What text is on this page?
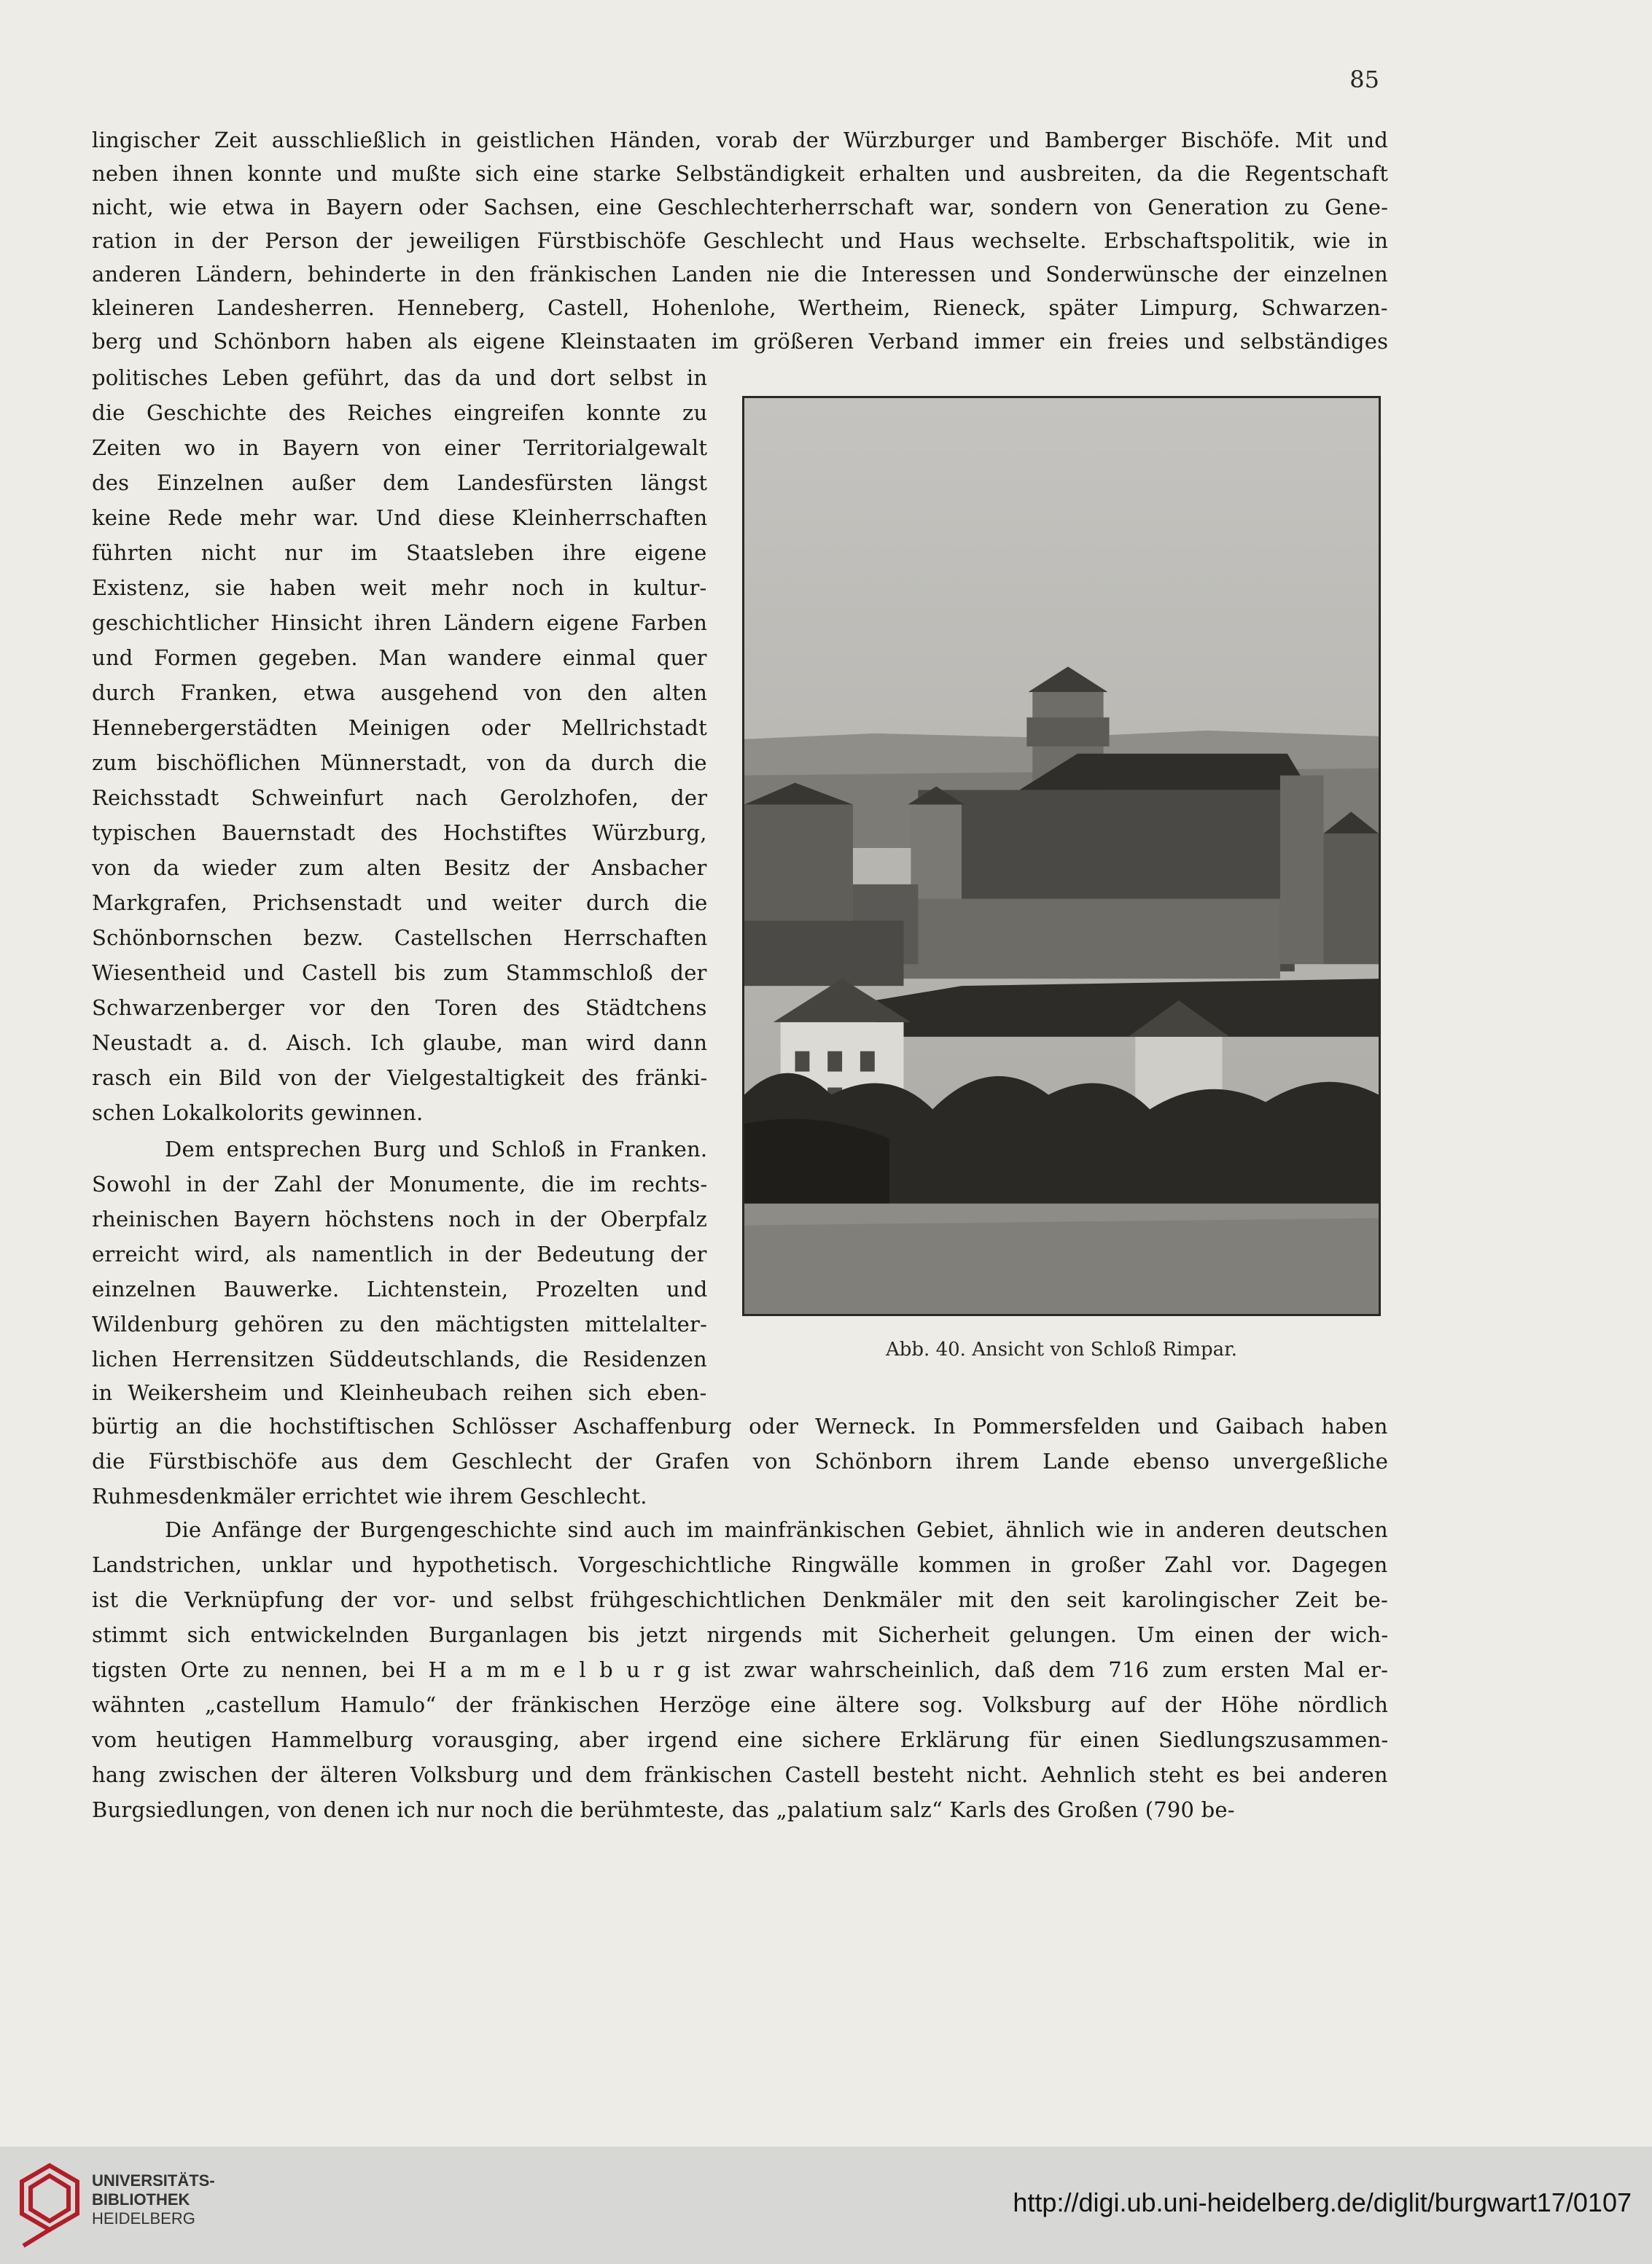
85
lingischer Zeit ausschließlich in geistlichen Händen, vorab der Würzburger und Bamberger Bischöfe. Mit und
neben ihnen konnte und mußte sich eine starke Selbständigkeit erhalten und ausbreiten, da die Regentschaft
nicht, wie etwa in Bayern oder Sachsen, eine Geschlechterherrschaft war, sondern von Generation zu Gene-
ration in der Person der jeweiligen Fürstbischöfe Geschlecht und Haus wechselte. Erbschaftspolitik, wie in
anderen Ländern, behinderte in den fränkischen Landen nie die Interessen und Sonderwünsche der einzelnen
kleineren Landesherren. Henneberg, Castell, Hohenlohe, Wertheim, Rieneck, später Limpurg, Schwarzen-
berg und Schönborn haben als eigene Kleinstaaten im größeren Verband immer ein freies und selbständiges
politisches Leben geführt, das da und dort selbst in
die Geschichte des Reiches eingreifen konnte zu
Zeiten wo in Bayern von einer Territorialgewalt
des Einzelnen außer dem Landesfürsten längst
keine Rede mehr war. Und diese Kleinherrschaften
führten nicht nur im Staatsleben ihre eigene
Existenz, sie haben weit mehr noch in kultur-
geschichtlicher Hinsicht ihren Ländern eigene Farben
und Formen gegeben. Man wandere einmal quer
durch Franken, etwa ausgehend von den alten
Hennebergerstädten Meinigen oder Mellrichstadt
zum bischöflichen Münnerstadt, von da durch die
Reichsstadt Schweinfurt nach Gerolzhofen, der
typischen Bauernstadt des Hochstiftes Würzburg,
von da wieder zum alten Besitz der Ansbacher
Markgrafen, Prichsenstadt und weiter durch die
Schönbornschen bezw. Castellschen Herrschaften
Wiesentheid und Castell bis zum Stammschloß der
Schwarzenberger vor den Toren des Städtchens
Neustadt a. d. Aisch. Ich glaube, man wird dann
rasch ein Bild von der Vielgestaltigkeit des fränki-
schen Lokalkolorits gewinnen.
Dem entsprechen Burg und Schloß in Franken.
Sowohl in der Zahl der Monumente, die im rechts-
rheinischen Bayern höchstens noch in der Oberpfalz
erreicht wird, als namentlich in der Bedeutung der
einzelnen Bauwerke. Lichtenstein, Prozelten und
Wildenburg gehören zu den mächtigsten mittelalter-
lichen Herrensitzen Süddeutschlands, die Residenzen
in Weikersheim und Kleinheubach reihen sich eben-
bürtig an die hochstiftischen Schlösser Aschaffenburg oder Werneck. In Pommersfelden und Gaibach haben
die Fürstbischöfe aus dem Geschlecht der Grafen von Schönborn ihrem Lande ebenso unvergeßliche
Ruhmesdenkmäler errichtet wie ihrem Geschlecht.
Die Anfänge der Burgengeschichte sind auch im mainfränkischen Gebiet, ähnlich wie in anderen deutschen
Landstrichen, unklar und hypothetisch. Vorgeschichtliche Ringwälle kommen in großer Zahl vor. Dagegen
ist die Verknüpfung der vor- und selbst frühgeschichtlichen Denkmäler mit den seit karolingischer Zeit be-
stimmt sich entwickelnden Burganlagen bis jetzt nirgends mit Sicherheit gelungen. Um einen der wich-
tigsten Orte zu nennen, bei H a m m e l b u r g ist zwar wahrscheinlich, daß dem 716 zum ersten Mal er-
wähnten „castellum Hamulo“ der fränkischen Herzöge eine ältere sog. Volksburg auf der Höhe nördlich
vom heutigen Hammelburg vorausging, aber irgend eine sichere Erklärung für einen Siedlungszusammen-
hang zwischen der älteren Volksburg und dem fränkischen Castell besteht nicht. Aehnlich steht es bei anderen
Burgsiedlungen, von denen ich nur noch die berühmteste, das „palatium salz“ Karls des Großen (790 be-
Abb. 40. Ansicht von Schloß Rimpar.
UNIVERSITÄTS-
BIBLIOTHEK
HEIDELBERG
http://digi.ub.uni-heidelberg.de/diglit/burgwart17/0107
